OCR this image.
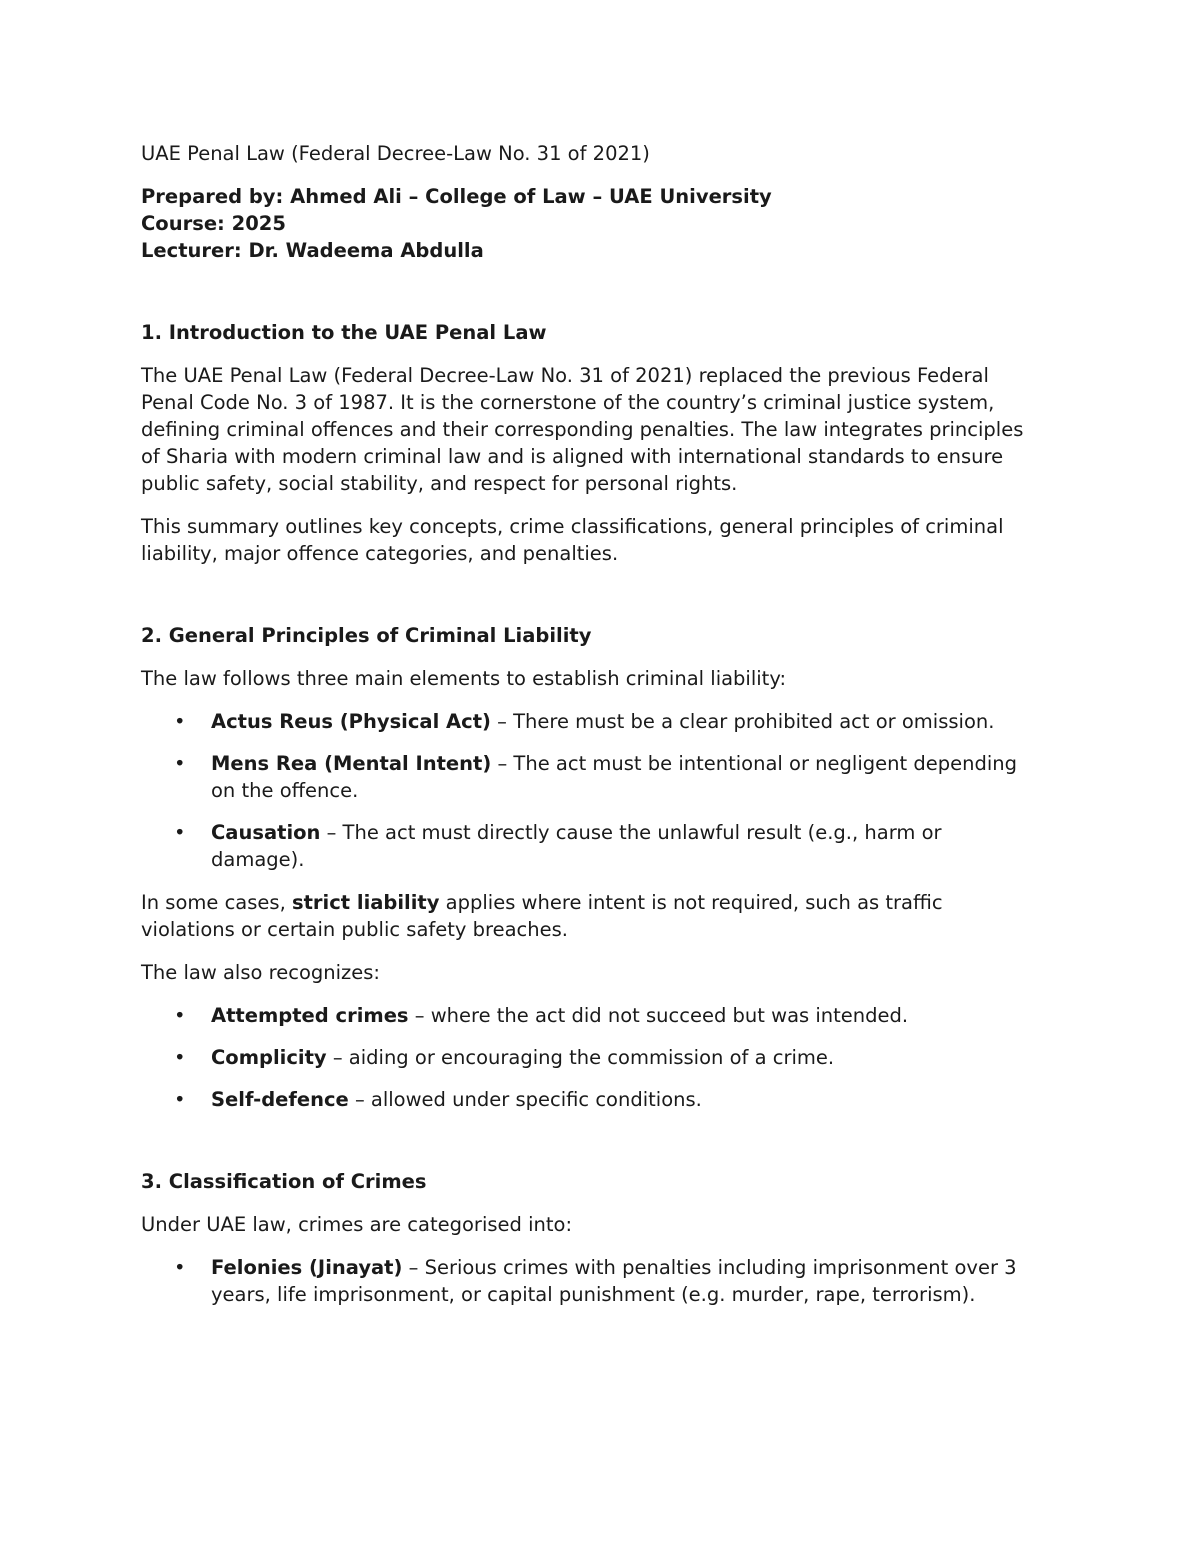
UAE Penal Law (Federal Decree-Law No. 31 of 2021)

Prepared by: Ahmed Ali – College of Law – UAE University

Course: 2025

Lecturer: Dr. Wadeema Abdulla

1. Introduction to the UAE Penal Law

The UAE Penal Law (Federal Decree-Law No. 31 of 2021) replaced the previous Federal Penal Code No. 3 of 1987. It is the cornerstone of the country’s criminal justice system, defining criminal offences and their corresponding penalties. The law integrates principles of Sharia with modern criminal law and is aligned with international standards to ensure public safety, social stability, and respect for personal rights.

This summary outlines key concepts, crime classifications, general principles of criminal liability, major offence categories, and penalties.

2. General Principles of Criminal Liability

The law follows three main elements to establish criminal liability:

• Actus Reus (Physical Act) – There must be a clear prohibited act or omission.
• Mens Rea (Mental Intent) – The act must be intentional or negligent depending on the offence.
• Causation – The act must directly cause the unlawful result (e.g., harm or damage).

In some cases, strict liability applies where intent is not required, such as traffic violations or certain public safety breaches.

The law also recognizes:

• Attempted crimes – where the act did not succeed but was intended.
• Complicity – aiding or encouraging the commission of a crime.
• Self-defence – allowed under specific conditions.

3. Classification of Crimes

Under UAE law, crimes are categorised into:

• Felonies (Jinayat) – Serious crimes with penalties including imprisonment over 3 years, life imprisonment, or capital punishment (e.g. murder, rape, terrorism).
